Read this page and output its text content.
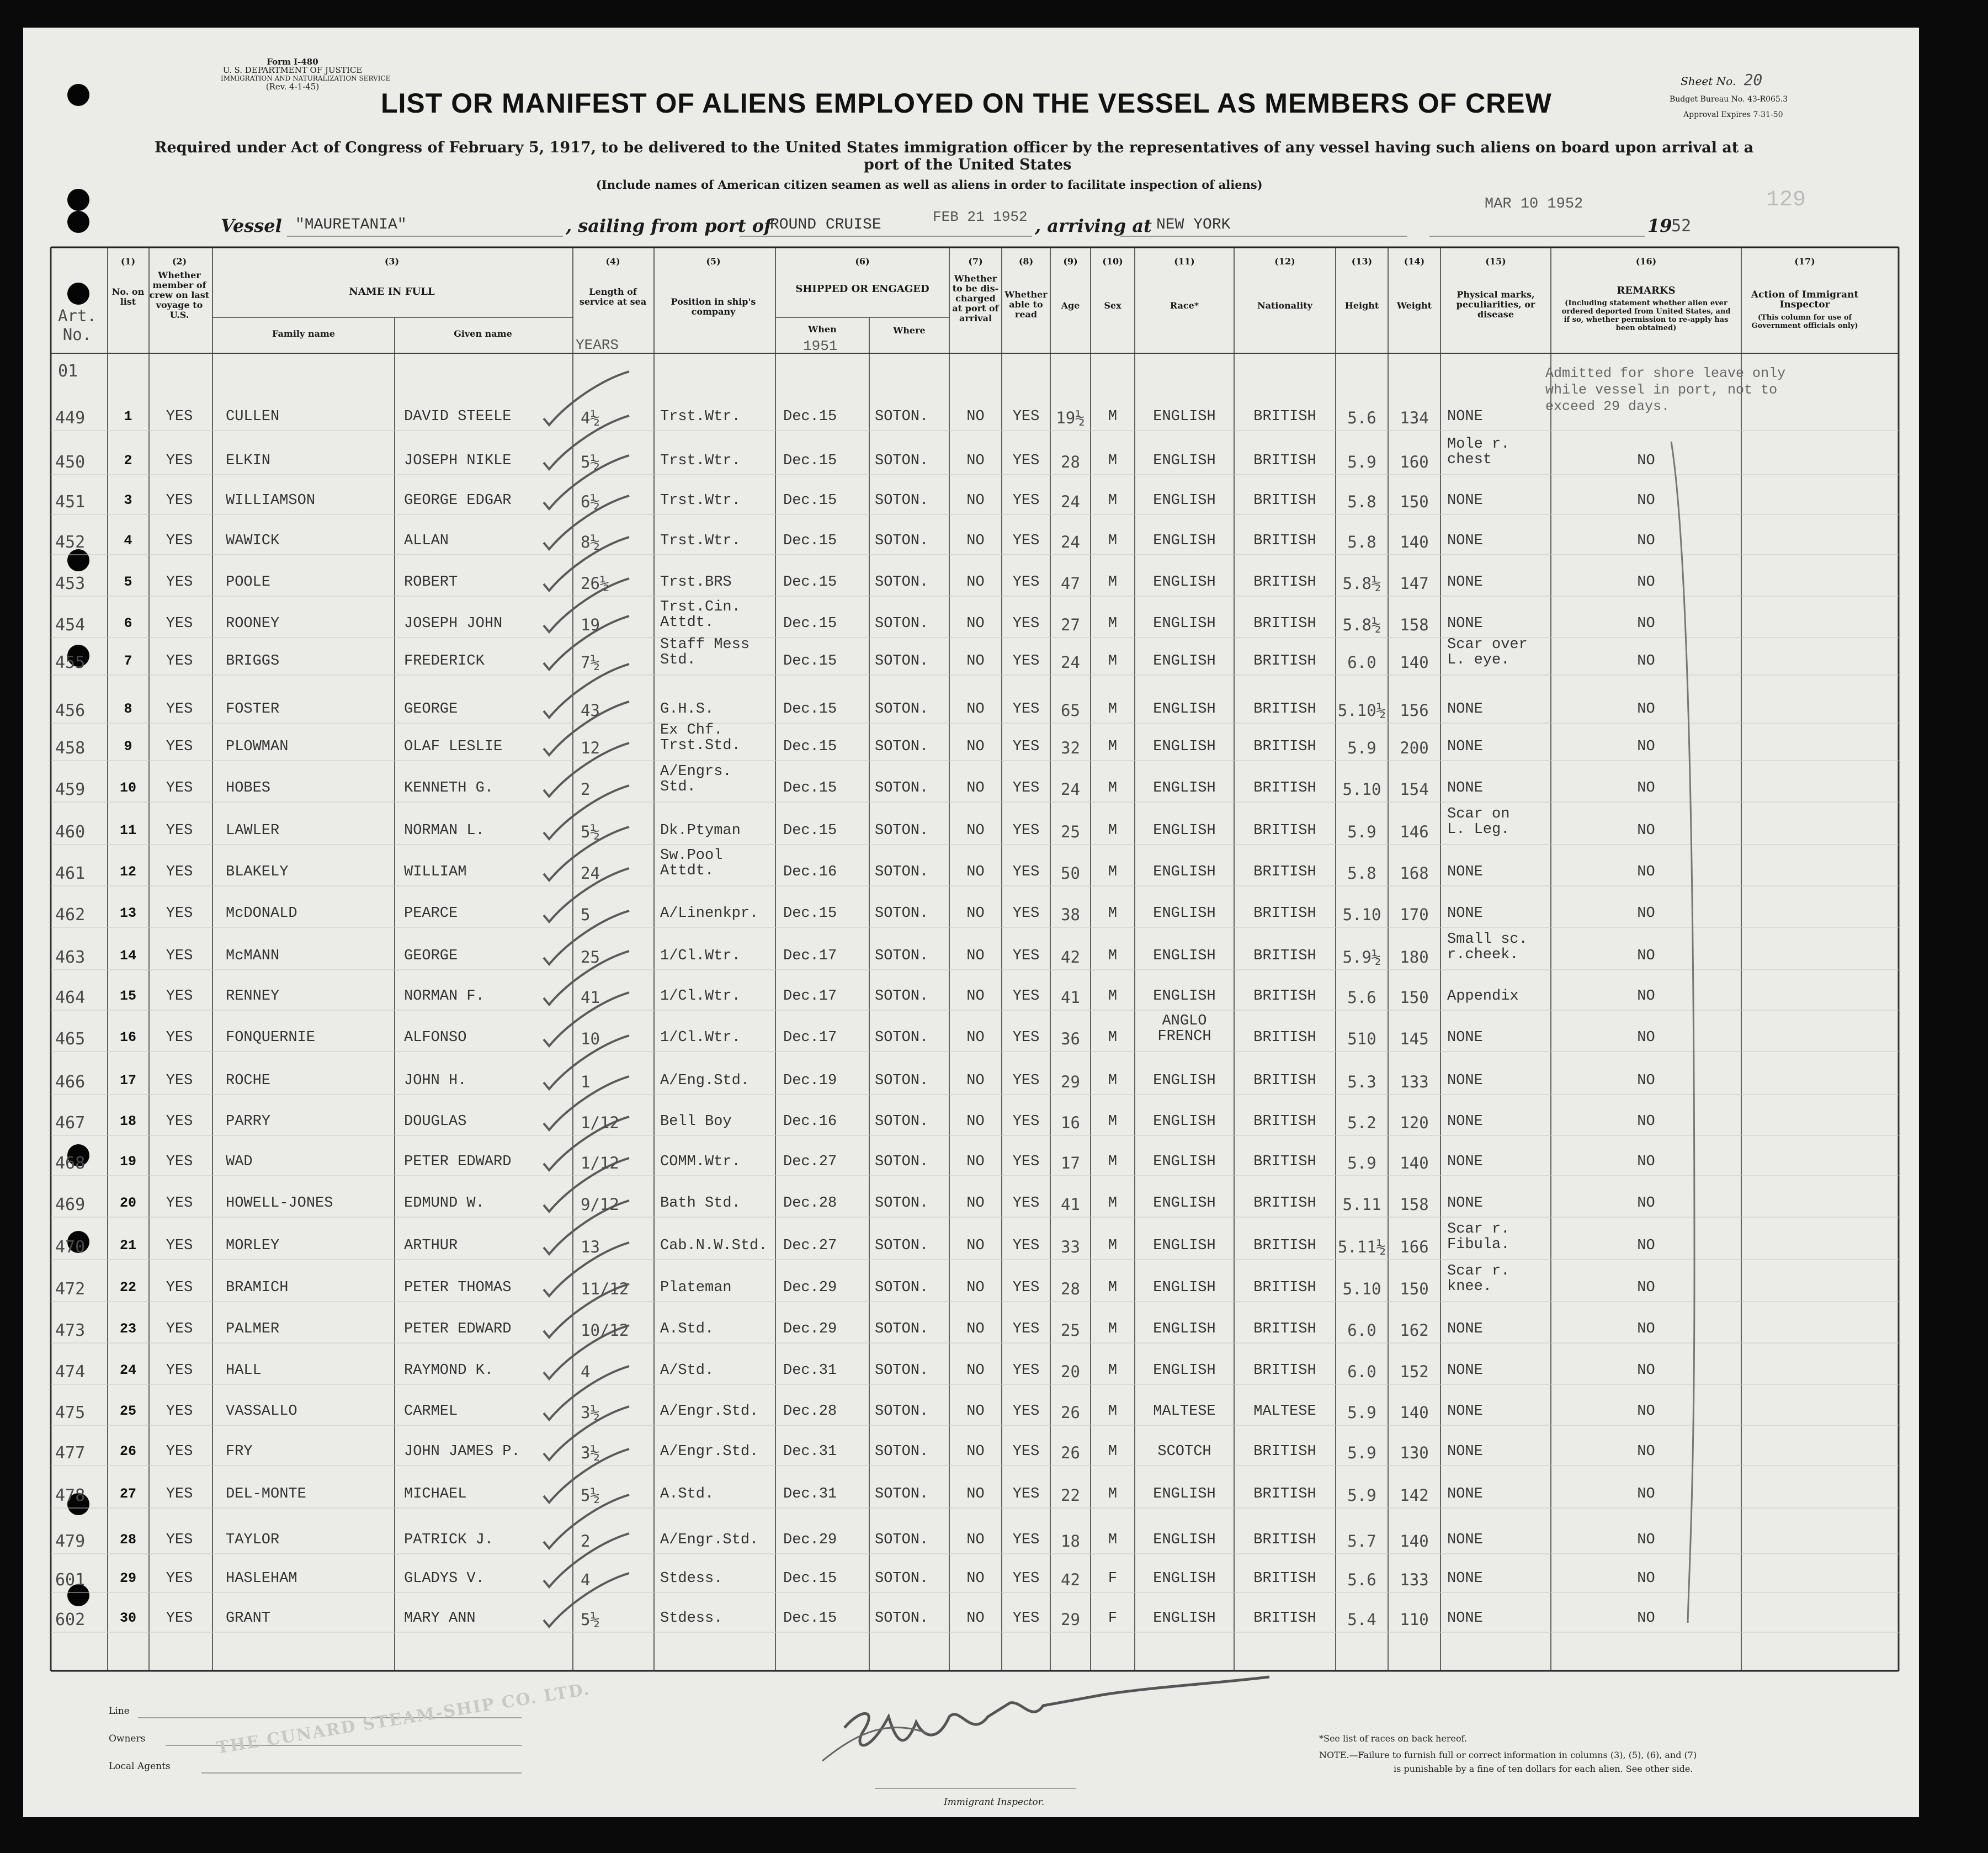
Form I-480
U. S. DEPARTMENT OF JUSTICE
IMMIGRATION AND NATURALIZATION SERVICE
(Rev. 4-1-45)	Sheet No. 20
Budget Bureau No. 43-R065.3
Approval Expires 7-31-50
129
LIST OR MANIFEST OF ALIENS EMPLOYED ON THE VESSEL AS MEMBERS OF CREW
Required under Act of Congress of February 5, 1917, to be delivered to the United States immigration officer by the representatives of any vessel having such aliens on board upon arrival at a
port of the United States
(Include names of American citizen seamen as well as aliens in order to facilitate inspection of aliens)
Vessel "MAURETANIA"	, sailing from port of
ROUND CRUISE	FEB 21 1952 , arriving at NEW YORK
MAR 10 1952
19
52
Art. No.
(1)
No. on list
(2)
Whether member of crew on last voyage to U.S.
(3)
NAME IN FULL
Family name	Given name
(4)
Length of service at sea
YEARS
(5)
Position in ship's company
(6)
SHIPPED OR ENGAGED
When
1951
Where
(7)
Whether to be dis-charged at port of arrival
(8)
Whether able to read
(9)
Age
(10)
Sex
(11)
Race*
(12)
Nationality
(13)
Height
(14)
Weight
(15)
Physical marks, peculiarities, or disease
(16)
REMARKS
(Including statement whether alien ever ordered deported from United States, and if so, whether permission to re-apply has been obtained)
(17)
Action of Immigrant Inspector
(This column for use of Government officials only)
01	Admitted for shore leave only
while vessel in port, not to
exceed 29 days.
449	1	YES	CULLEN	DAVID STEELE	4½	Trst.Wtr.	Dec.15	SOTON.	NO	YES	19½	M	ENGLISH	BRITISH	5.6	134	NONE
450	2	YES	ELKIN	JOSEPH NIKLE	5½	Trst.Wtr.	Dec.15	SOTON.	NO	YES	28	M	ENGLISH	BRITISH	5.9	160
Mole r.
chest	NO
451	3	YES	WILLIAMSON	GEORGE EDGAR	6½	Trst.Wtr.	Dec.15	SOTON.	NO	YES	24	M	ENGLISH	BRITISH	5.8	150	NONE	NO
452	4	YES	WAWICK	ALLAN	8½	Trst.Wtr.	Dec.15	SOTON.	NO	YES	24	M	ENGLISH	BRITISH	5.8	140	NONE	NO
453	5	YES	POOLE	ROBERT	26½	Trst.BRS	Dec.15	SOTON.	NO	YES	47	M	ENGLISH	BRITISH	5.8½	147	NONE	NO
454	6	YES	ROONEY	JOSEPH JOHN	19
Trst.Cin.
Attdt.	Dec.15	SOTON.	NO	YES	27	M	ENGLISH	BRITISH	5.8½	158	NONE	NO
455	7	YES	BRIGGS	FREDERICK	7½
Staff Mess
Std.	Dec.15	SOTON.	NO	YES	24	M	ENGLISH	BRITISH	6.0	140
Scar over
L. eye.	NO
456	8	YES	FOSTER	GEORGE	43	G.H.S.	Dec.15	SOTON.	NO	YES	65	M	ENGLISH	BRITISH	5.10½ 156	NONE	NO
458	9	YES	PLOWMAN	OLAF LESLIE	12
Ex Chf.
Trst.Std.	Dec.15	SOTON.	NO	YES	32	M	ENGLISH	BRITISH	5.9	200	NONE	NO
459	10	YES	HOBES	KENNETH G.	2
A/Engrs.
Std.	Dec.15	SOTON.	NO	YES	24	M	ENGLISH	BRITISH	5.10	154	NONE	NO
460	11	YES	LAWLER	NORMAN L.	5½	Dk.Ptyman	Dec.15	SOTON.	NO	YES	25	M	ENGLISH	BRITISH	5.9	146
Scar on
L. Leg.	NO
461	12	YES	BLAKELY	WILLIAM	24
Sw.Pool
Attdt.	Dec.16	SOTON.	NO	YES	50	M	ENGLISH	BRITISH	5.8	168	NONE	NO
462	13	YES	McDONALD	PEARCE	5	A/Linenkpr.	Dec.15	SOTON.	NO	YES	38	M	ENGLISH	BRITISH	5.10	170	NONE	NO
463	14	YES	McMANN	GEORGE	25	1/Cl.Wtr.	Dec.17	SOTON.	NO	YES	42	M	ENGLISH	BRITISH	5.9½	180
Small sc.
r.cheek.	NO
464	15	YES	RENNEY	NORMAN F.	41	1/Cl.Wtr.	Dec.17	SOTON.	NO	YES	41	M	ENGLISH	BRITISH	5.6	150	Appendix	NO
465	16	YES	FONQUERNIE	ALFONSO	10	1/Cl.Wtr.	Dec.17	SOTON.	NO	YES	36	M
ANGLO
FRENCH	BRITISH	510	145	NONE	NO
466	17	YES	ROCHE	JOHN H.	1	A/Eng.Std.	Dec.19	SOTON.	NO	YES	29	M	ENGLISH	BRITISH	5.3	133	NONE	NO
467	18	YES	PARRY	DOUGLAS	1/12	Bell Boy	Dec.16	SOTON.	NO	YES	16	M	ENGLISH	BRITISH	5.2	120	NONE	NO
468	19	YES	WAD	PETER EDWARD	1/12	COMM.Wtr.	Dec.27	SOTON.	NO	YES	17	M	ENGLISH	BRITISH	5.9	140	NONE	NO
469	20	YES	HOWELL-JONES	EDMUND W.	9/12	Bath Std.	Dec.28	SOTON.	NO	YES	41	M	ENGLISH	BRITISH	5.11	158	NONE	NO
470	21	YES	MORLEY	ARTHUR	13	Cab.N.W.Std.	Dec.27	SOTON.	NO	YES	33	M	ENGLISH	BRITISH	5.11½ 166
Scar r.
Fibula.	NO
472	22	YES	BRAMICH	PETER THOMAS	11/12	Plateman	Dec.29	SOTON.	NO	YES	28	M	ENGLISH	BRITISH	5.10	150
Scar r.
knee.	NO
473	23	YES	PALMER	PETER EDWARD	10/12	A.Std.	Dec.29	SOTON.	NO	YES	25	M	ENGLISH	BRITISH	6.0	162	NONE	NO
474	24	YES	HALL	RAYMOND K.	4	A/Std.	Dec.31	SOTON.	NO	YES	20	M	ENGLISH	BRITISH	6.0	152	NONE	NO
475	25	YES	VASSALLO	CARMEL	3½	A/Engr.Std.	Dec.28	SOTON.	NO	YES	26	M	MALTESE	MALTESE	5.9	140	NONE	NO
477	26	YES	FRY	JOHN JAMES P.	3½	A/Engr.Std.	Dec.31	SOTON.	NO	YES	26	M	SCOTCH	BRITISH	5.9	130	NONE	NO
478	27	YES	DEL-MONTE	MICHAEL	5½	A.Std.	Dec.31	SOTON.	NO	YES	22	M	ENGLISH	BRITISH	5.9	142	NONE	NO
479	28	YES	TAYLOR	PATRICK J.	2	A/Engr.Std.	Dec.29	SOTON.	NO	YES	18	M	ENGLISH	BRITISH	5.7	140	NONE	NO
601	29	YES	HASLEHAM	GLADYS V.	4	Stdess.	Dec.15	SOTON.	NO	YES	42	F	ENGLISH	BRITISH	5.6	133	NONE	NO
602	30	YES	GRANT	MARY ANN	5½	Stdess.	Dec.15	SOTON.	NO	YES	29	F	ENGLISH	BRITISH	5.4	110	NONE	NO
Line
Owners
Local Agents
THE CUNARD STEAM-SHIP CO. LTD.
Immigrant Inspector.
*See list of races on back hereof.
NOTE.—Failure to furnish full or correct information in columns (3), (5), (6), and (7)
is punishable by a fine of ten dollars for each alien. See other side.
